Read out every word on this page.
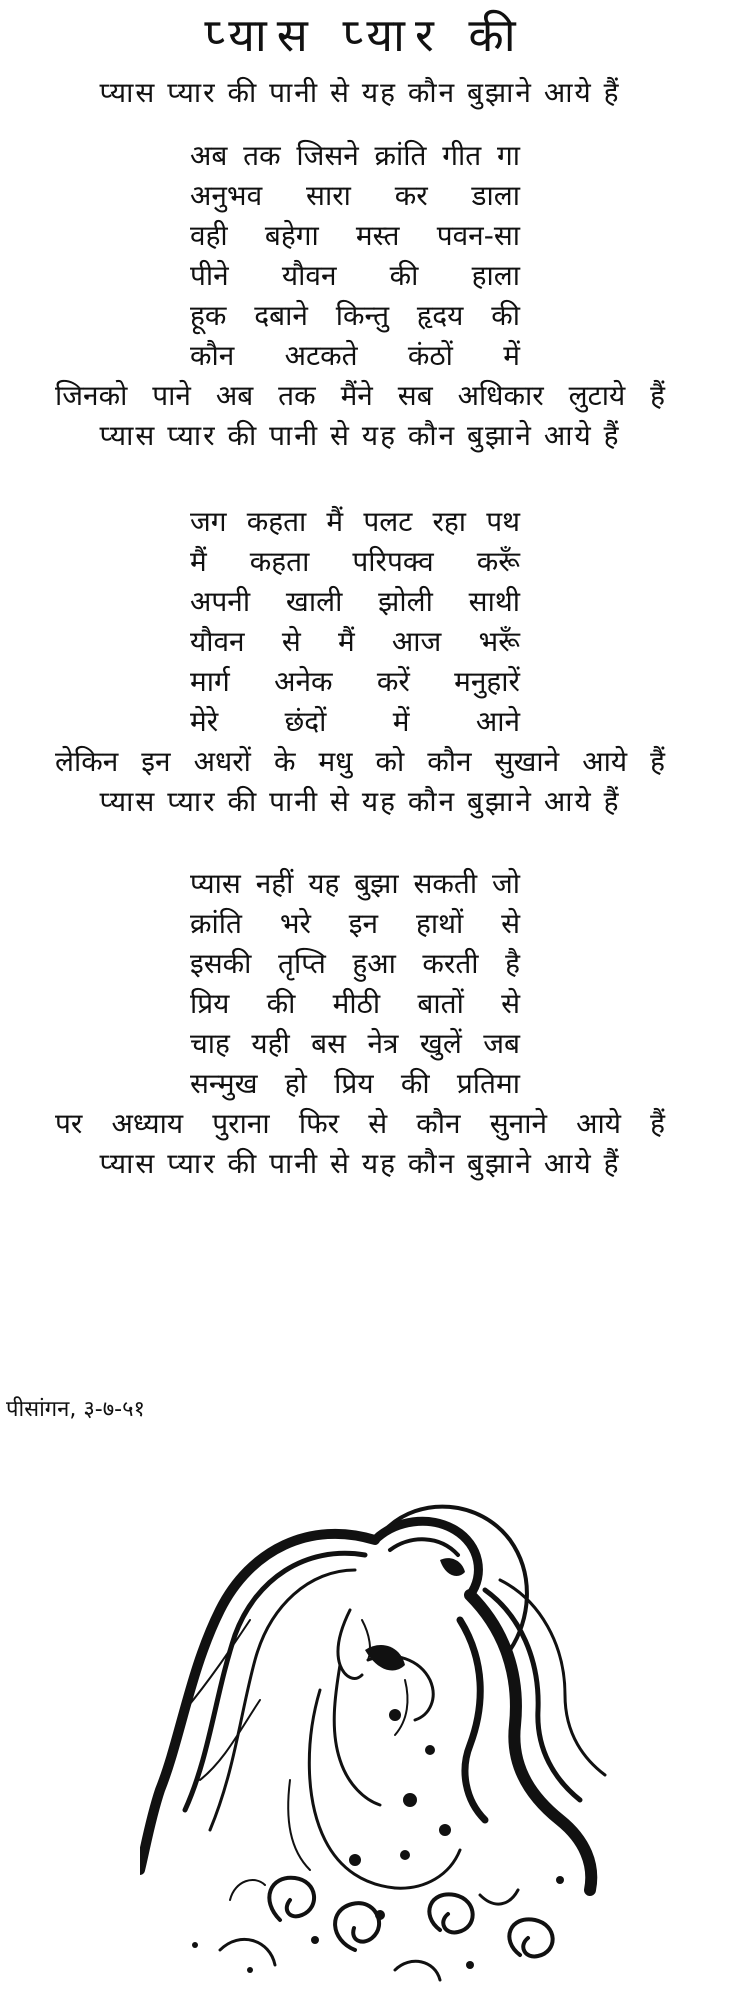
प्यास प्यार की
प्यास प्यार की पानी से यह कौन बुझाने आये हैं
अब तक जिसने क्रांति गीत गा
अनुभव सारा कर डाला
वही बहेगा मस्त पवन-सा
पीने यौवन की हाला
हूक दबाने किन्तु हृदय की
कौन अटकते कंठों में
जिनको पाने अब तक मैंने सब अधिकार लुटाये हैं
प्यास प्यार की पानी से यह कौन बुझाने आये हैं
जग कहता मैं पलट रहा पथ
मैं कहता परिपक्व करूँ
अपनी खाली झोली साथी
यौवन से मैं आज भरूँ
मार्ग अनेक करें मनुहारें
मेरे छंदों में आने
लेकिन इन अधरों के मधु को कौन सुखाने आये हैं
प्यास प्यार की पानी से यह कौन बुझाने आये हैं
प्यास नहीं यह बुझा सकती जो
क्रांति भरे इन हाथों से
इसकी तृप्ति हुआ करती है
प्रिय की मीठी बातों से
चाह यही बस नेत्र खुलें जब
सन्मुख हो प्रिय की प्रतिमा
पर अध्याय पुराना फिर से कौन सुनाने आये हैं
प्यास प्यार की पानी से यह कौन बुझाने आये हैं
पीसांगन, ३-७-५१
